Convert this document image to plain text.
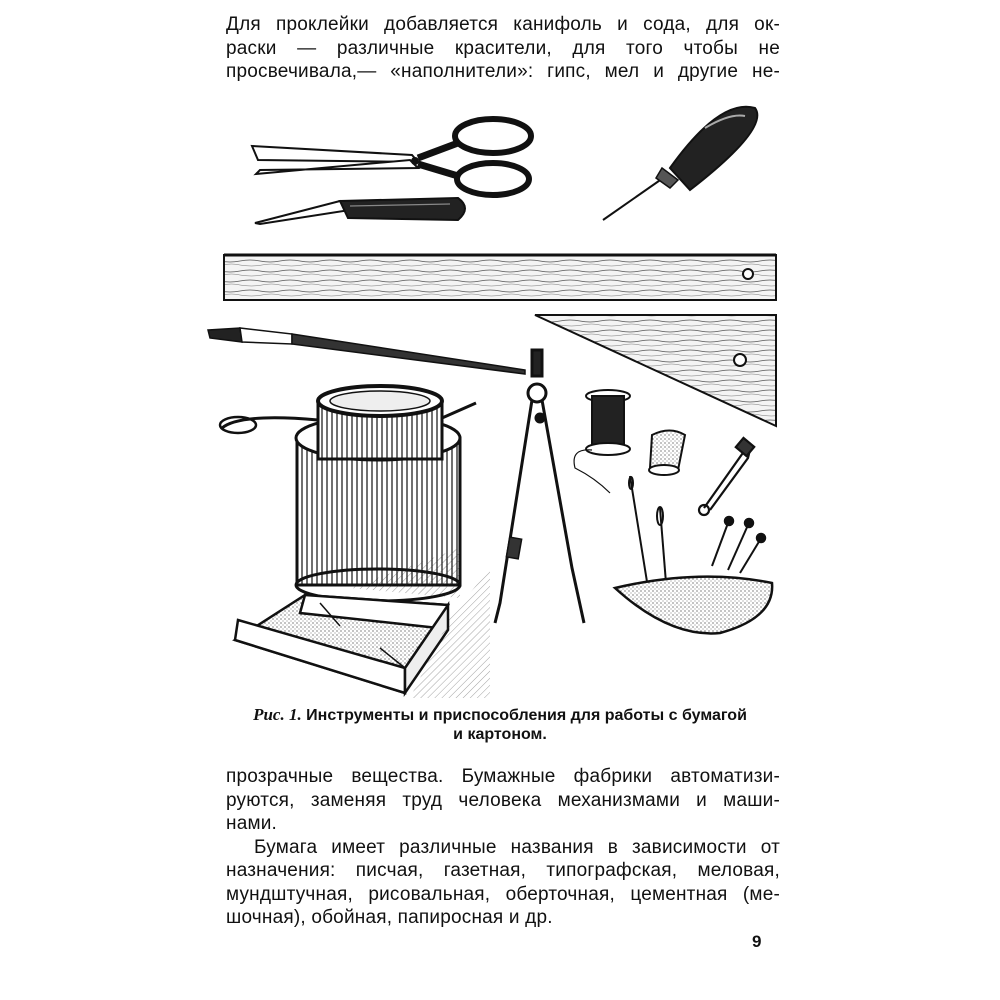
Для проклейки добавляется канифоль и сода, для ок-
раски — различные красители, для того чтобы не
просвечивала,— «наполнители»: гипс, мел и другие не-
Рис. 1. Инструменты и приспособления для работы с бумагой
и картоном.
прозрачные вещества. Бумажные фабрики автоматизи-
руются, заменяя труд человека механизмами и маши-
нами.
Бумага имеет различные названия в зависимости от
назначения: писчая, газетная, типографская, меловая,
мундштучная, рисовальная, оберточная, цементная (ме-
шочная), обойная, папиросная и др.
9
